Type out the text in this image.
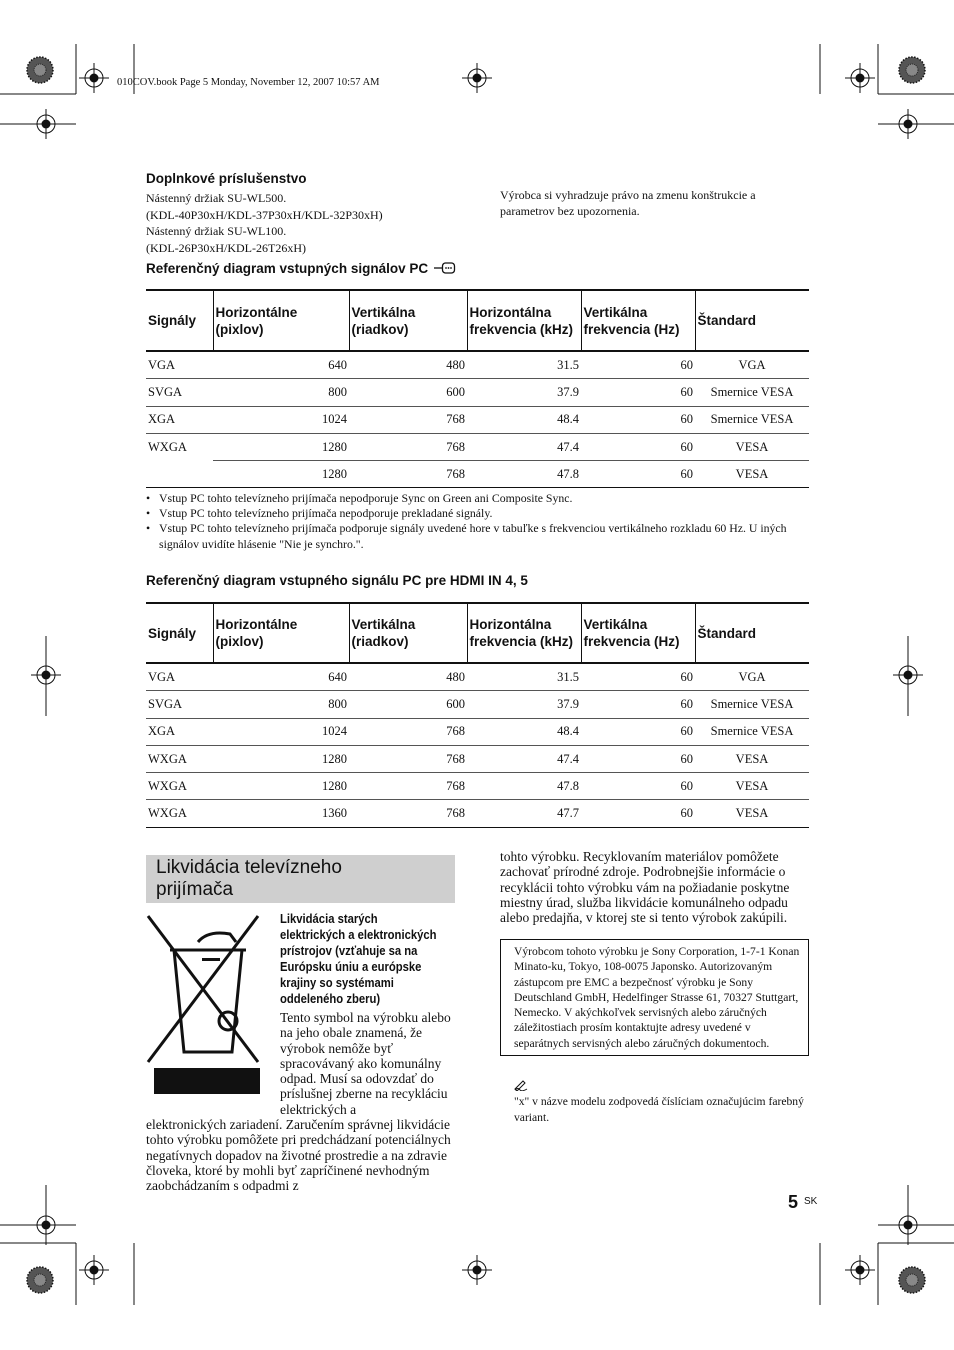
010COV.book Page 5 Monday, November 12, 2007 10:57 AM
Doplnkové príslušenstvo
Nástenný držiak SU-WL500.
(KDL-40P30xH/KDL-37P30xH/KDL-32P30xH)
Nástenný držiak SU-WL100.
(KDL-26P30xH/KDL-26T26xH)
Výrobca si vyhradzuje právo na zmenu konštrukcie a parametrov bez upozornenia.
Referenčný diagram vstupných signálov PC
Signály	Horizontálne (pixlov)	Vertikálna (riadkov)	Horizontálna frekvencia (kHz)	Vertikálna frekvencia (Hz)	Štandard
VGA	640	480	31.5	60	VGA
SVGA	800	600	37.9	60	Smernice VESA
XGA	1024	768	48.4	60	Smernice VESA
WXGA	1280	768	47.4	60	VESA
	1280	768	47.8	60	VESA
• Vstup PC tohto televízneho prijímača nepodporuje Sync on Green ani Composite Sync.
• Vstup PC tohto televízneho prijímača nepodporuje prekladané signály.
• Vstup PC tohto televízneho prijímača podporuje signály uvedené hore v tabuľke s frekvenciou vertikálneho rozkladu 60 Hz. U iných signálov uvidíte hlásenie "Nie je synchro.".
Referenčný diagram vstupného signálu PC pre HDMI IN 4, 5
Signály	Horizontálne (pixlov)	Vertikálna (riadkov)	Horizontálna frekvencia (kHz)	Vertikálna frekvencia (Hz)	Štandard
VGA	640	480	31.5	60	VGA
SVGA	800	600	37.9	60	Smernice VESA
XGA	1024	768	48.4	60	Smernice VESA
WXGA	1280	768	47.4	60	VESA
WXGA	1280	768	47.8	60	VESA
WXGA	1360	768	47.7	60	VESA
Likvidácia televízneho prijímača
Likvidácia starých elektrických a elektronických prístrojov (vzťahuje sa na Európsku úniu a európske krajiny so systémami oddeleného zberu)
Tento symbol na výrobku alebo na jeho obale znamená, že výrobok nemôže byť spracovávaný ako komunálny odpad. Musí sa odovzdať do príslušnej zberne na recykláciu elektrických a
elektronických zariadení. Zaručením správnej likvidácie tohto výrobku pomôžete pri predchádzaní potenciálnych negatívnych dopadov na životné prostredie a na zdravie človeka, ktoré by mohli byť zapríčinené nevhodným zaobchádzaním s odpadmi z
tohto výrobku. Recyklovaním materiálov pomôžete zachovať prírodné zdroje. Podrobnejšie informácie o recyklácii tohto výrobku vám na požiadanie poskytne miestny úrad, služba likvidácie komunálneho odpadu alebo predajňa, v ktorej ste si tento výrobok zakúpili.
Výrobcom tohoto výrobku je Sony Corporation, 1-7-1 Konan Minato-ku, Tokyo, 108-0075 Japonsko. Autorizovaným zástupcom pre EMC a bezpečnosť výrobku je Sony Deutschland GmbH, Hedelfinger Strasse 61, 70327 Stuttgart, Nemecko. V akýchkoľvek servisných alebo záručných záležitostiach prosím kontaktujte adresy uvedené v separátnych servisných alebo záručných dokumentoch.
"x" v názve modelu zodpovedá číslíciam označujúcim farebný variant.
5 SK
